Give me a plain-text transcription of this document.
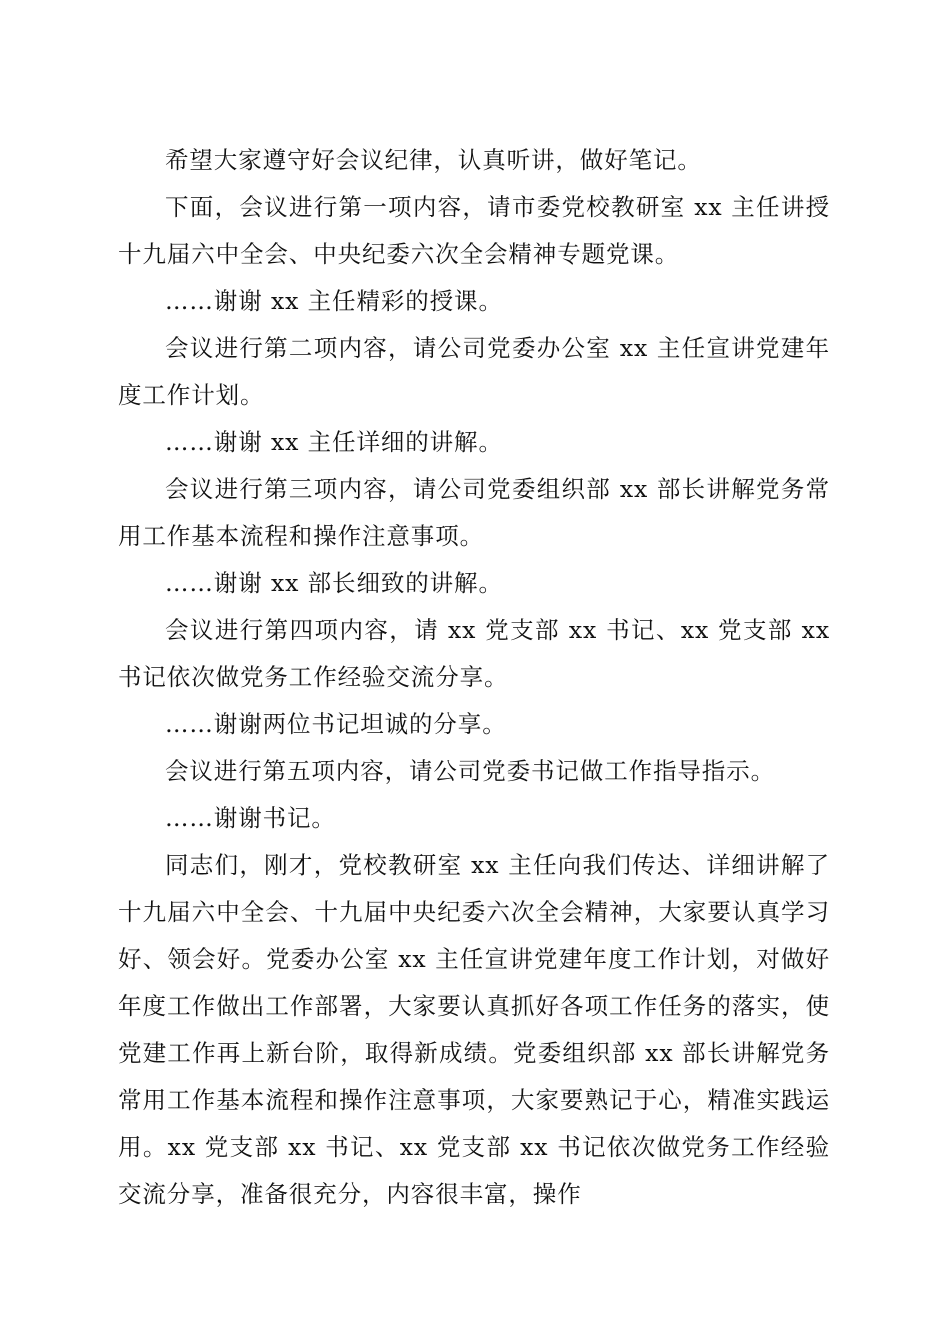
希望大家遵守好会议纪律，认真听讲，做好笔记。

下面，会议进行第一项内容，请市委党校教研室 xx 主任讲授十九届六中全会、中央纪委六次全会精神专题党课。

……谢谢 xx 主任精彩的授课。

会议进行第二项内容，请公司党委办公室 xx 主任宣讲党建年度工作计划。

……谢谢 xx 主任详细的讲解。

会议进行第三项内容，请公司党委组织部 xx 部长讲解党务常用工作基本流程和操作注意事项。

……谢谢 xx 部长细致的讲解。

会议进行第四项内容，请 xx 党支部 xx 书记、xx 党支部 xx 书记依次做党务工作经验交流分享。

……谢谢两位书记坦诚的分享。

会议进行第五项内容，请公司党委书记做工作指导指示。

……谢谢书记。

同志们，刚才，党校教研室 xx 主任向我们传达、详细讲解了十九届六中全会、十九届中央纪委六次全会精神，大家要认真学习好、领会好。党委办公室 xx 主任宣讲党建年度工作计划，对做好年度工作做出工作部署，大家要认真抓好各项工作任务的落实，使党建工作再上新台阶，取得新成绩。党委组织部 xx 部长讲解党务常用工作基本流程和操作注意事项，大家要熟记于心，精准实践运用。xx 党支部 xx 书记、xx 党支部 xx 书记依次做党务工作经验交流分享，准备很充分，内容很丰富，操作
